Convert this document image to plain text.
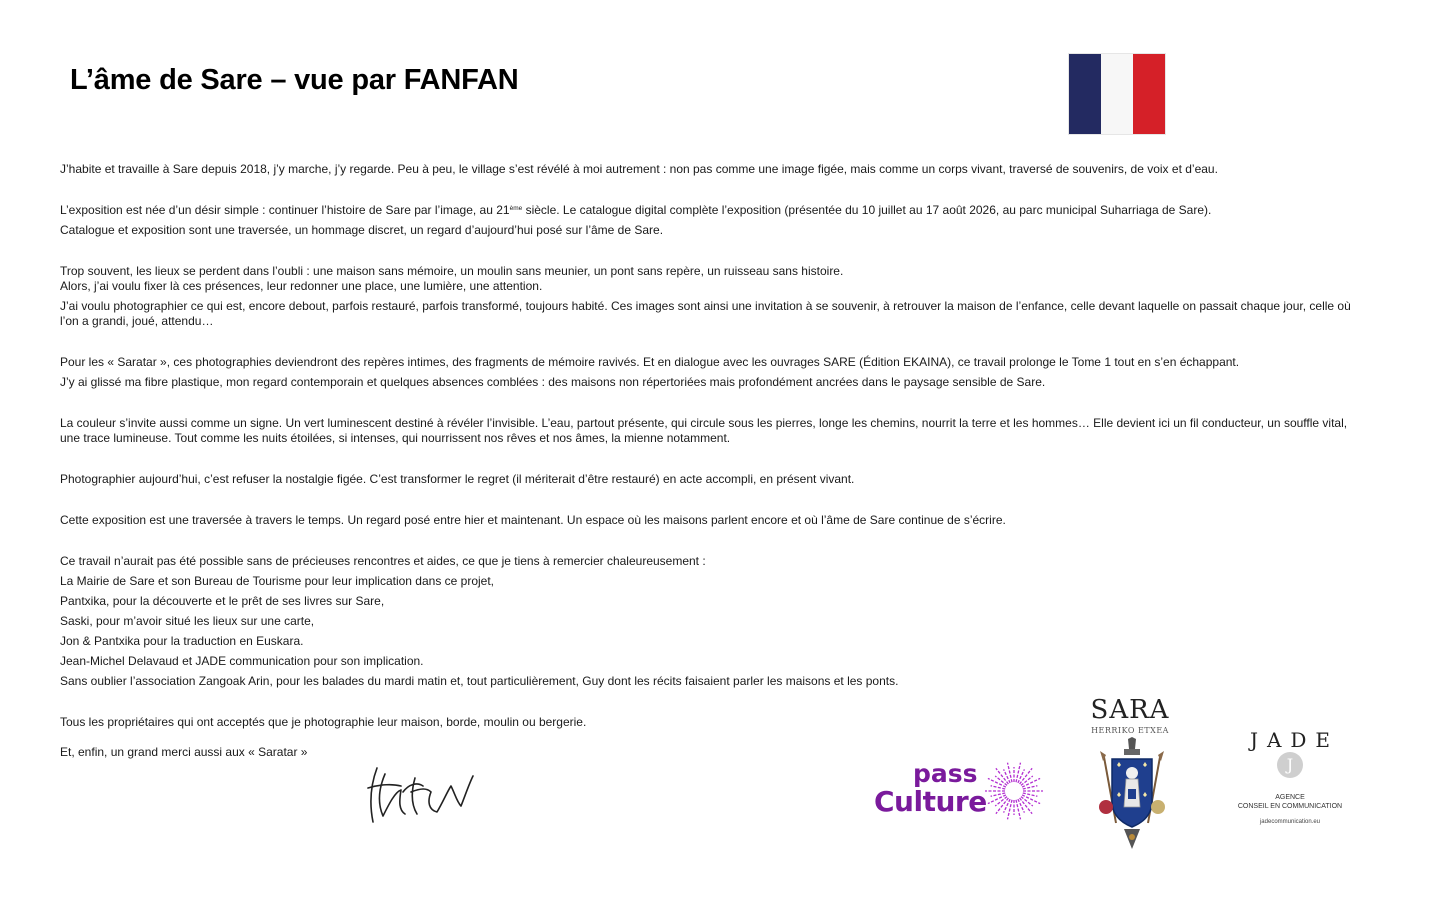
L’âme de Sare – vue par FANFAN

J’habite et travaille à Sare depuis 2018, j’y marche, j’y regarde. Peu à peu, le village s’est révélé à moi autrement : non pas comme une image figée, mais comme un corps vivant, traversé de souvenirs, de voix et d’eau.

L’exposition est née d’un désir simple : continuer l’histoire de Sare par l’image, au 21ème siècle. Le catalogue digital complète l’exposition (présentée du 10 juillet au 17 août 2026, au parc municipal Suharriaga de Sare).

Catalogue et exposition sont une traversée, un hommage discret, un regard d’aujourd’hui posé sur l’âme de Sare.

Trop souvent, les lieux se perdent dans l’oubli : une maison sans mémoire, un moulin sans meunier, un pont sans repère, un ruisseau sans histoire.

Alors, j’ai voulu fixer là ces présences, leur redonner une place, une lumière, une attention.

J’ai voulu photographier ce qui est, encore debout, parfois restauré, parfois transformé, toujours habité. Ces images sont ainsi une invitation à se souvenir, à retrouver la maison de l’enfance, celle devant laquelle on passait chaque jour, celle où l’on a grandi, joué, attendu…

Pour les « Saratar », ces photographies deviendront des repères intimes, des fragments de mémoire ravivés. Et en dialogue avec les ouvrages SARE (Édition EKAINA), ce travail prolonge le Tome 1 tout en s’en échappant.

J’y ai glissé ma fibre plastique, mon regard contemporain et quelques absences comblées : des maisons non répertoriées mais profondément ancrées dans le paysage sensible de Sare.

La couleur s’invite aussi comme un signe. Un vert luminescent destiné à révéler l’invisible. L’eau, partout présente, qui circule sous les pierres, longe les chemins, nourrit la terre et les hommes… Elle devient ici un fil conducteur, un souffle vital, une trace lumineuse. Tout comme les nuits étoilées, si intenses, qui nourrissent nos rêves et nos âmes, la mienne notamment.

Photographier aujourd’hui, c’est refuser la nostalgie figée. C’est transformer le regret (il mériterait d’être restauré) en acte accompli, en présent vivant.

Cette exposition est une traversée à travers le temps. Un regard posé entre hier et maintenant. Un espace où les maisons parlent encore et où l’âme de Sare continue de s’écrire.

Ce travail n’aurait pas été possible sans de précieuses rencontres et aides, ce que je tiens à remercier chaleureusement :

La Mairie de Sare et son Bureau de Tourisme pour leur implication dans ce projet,

Pantxika, pour la découverte et le prêt de ses livres sur Sare,

Saski, pour m’avoir situé les lieux sur une carte,

Jon & Pantxika pour la traduction en Euskara.

Jean-Michel Delavaud et JADE communication pour son implication.

Sans oublier l’association Zangoak Arin, pour les balades du mardi matin et, tout particulièrement, Guy dont les récits faisaient parler les maisons et les ponts.

Tous les propriétaires qui ont acceptés que je photographie leur maison, borde, moulin ou bergerie.

Et, enfin, un grand merci aussi aux « Saratar »

pass
Culture
SARA
HERRIKO ETXEA	JADE
J
AGENCE
CONSEIL EN COMMUNICATION
jadecommunication.eu
